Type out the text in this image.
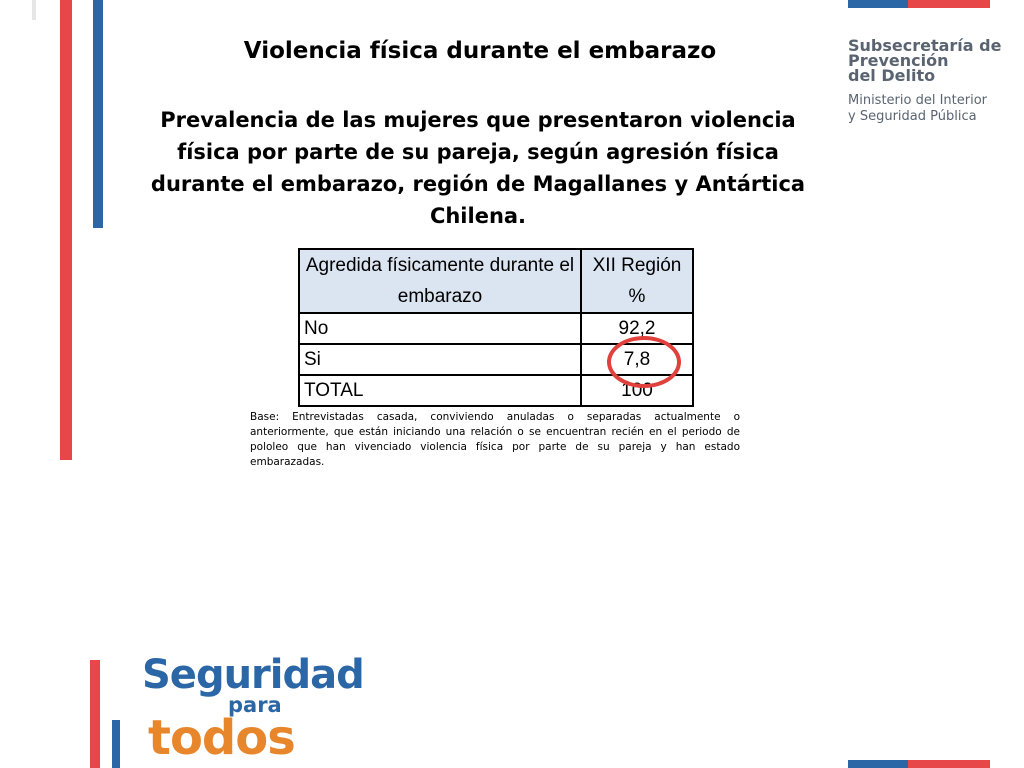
Violencia física durante el embarazo
Prevalencia de las mujeres que presentaron violencia física por parte de su pareja, según agresión física durante el embarazo, región de Magallanes y Antártica Chilena.
Subsecretaría de
Prevención
del Delito
Ministerio del Interior
y Seguridad Pública
Agredida físicamente durante el embarazo	XII Región %
No	92,2
Si	7,8
TOTAL	100
Base: Entrevistadas casada, conviviendo anuladas o separadas actualmente o anteriormente, que están iniciando una relación o se encuentran recién en el periodo de pololeo que han vivenciado violencia física por parte de su pareja y han estado embarazadas.
Seguridad
para
todos
